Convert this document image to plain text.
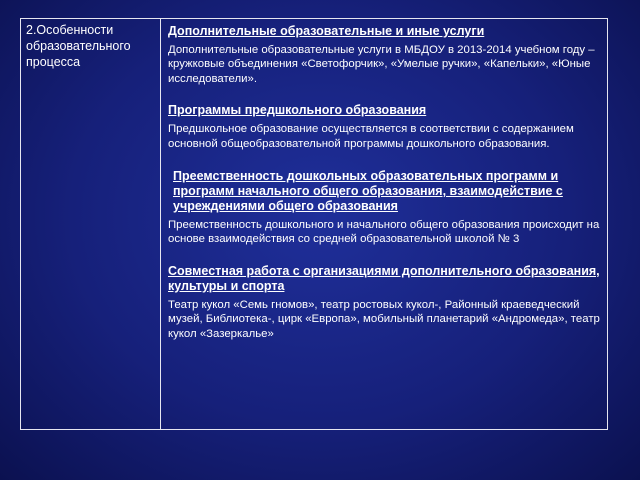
2.Особенности образовательного процесса

Дополнительные образовательные и иные услуги

Дополнительные образовательные услуги в МБДОУ в 2013-2014 учебном году – кружковые объединения «Светофорчик», «Умелые ручки», «Капельки», «Юные исследователи».

Программы предшкольного образования

Предшкольное образование осуществляется в соответствии с содержанием основной общеобразовательной программы дошкольного образования.

Преемственность дошкольных образовательных программ и программ начального общего образования, взаимодействие с учреждениями общего образования

Преемственность дошкольного и начального общего образования происходит на основе взаимодействия со средней образовательной школой № 3

Совместная работа с организациями дополнительного образования, культуры и спорта

Театр кукол «Семь гномов», театр ростовых кукол-, Районный краеведческий музей, Библиотека-, цирк «Европа», мобильный планетарий «Андромеда», театр кукол «Зазеркалье»
